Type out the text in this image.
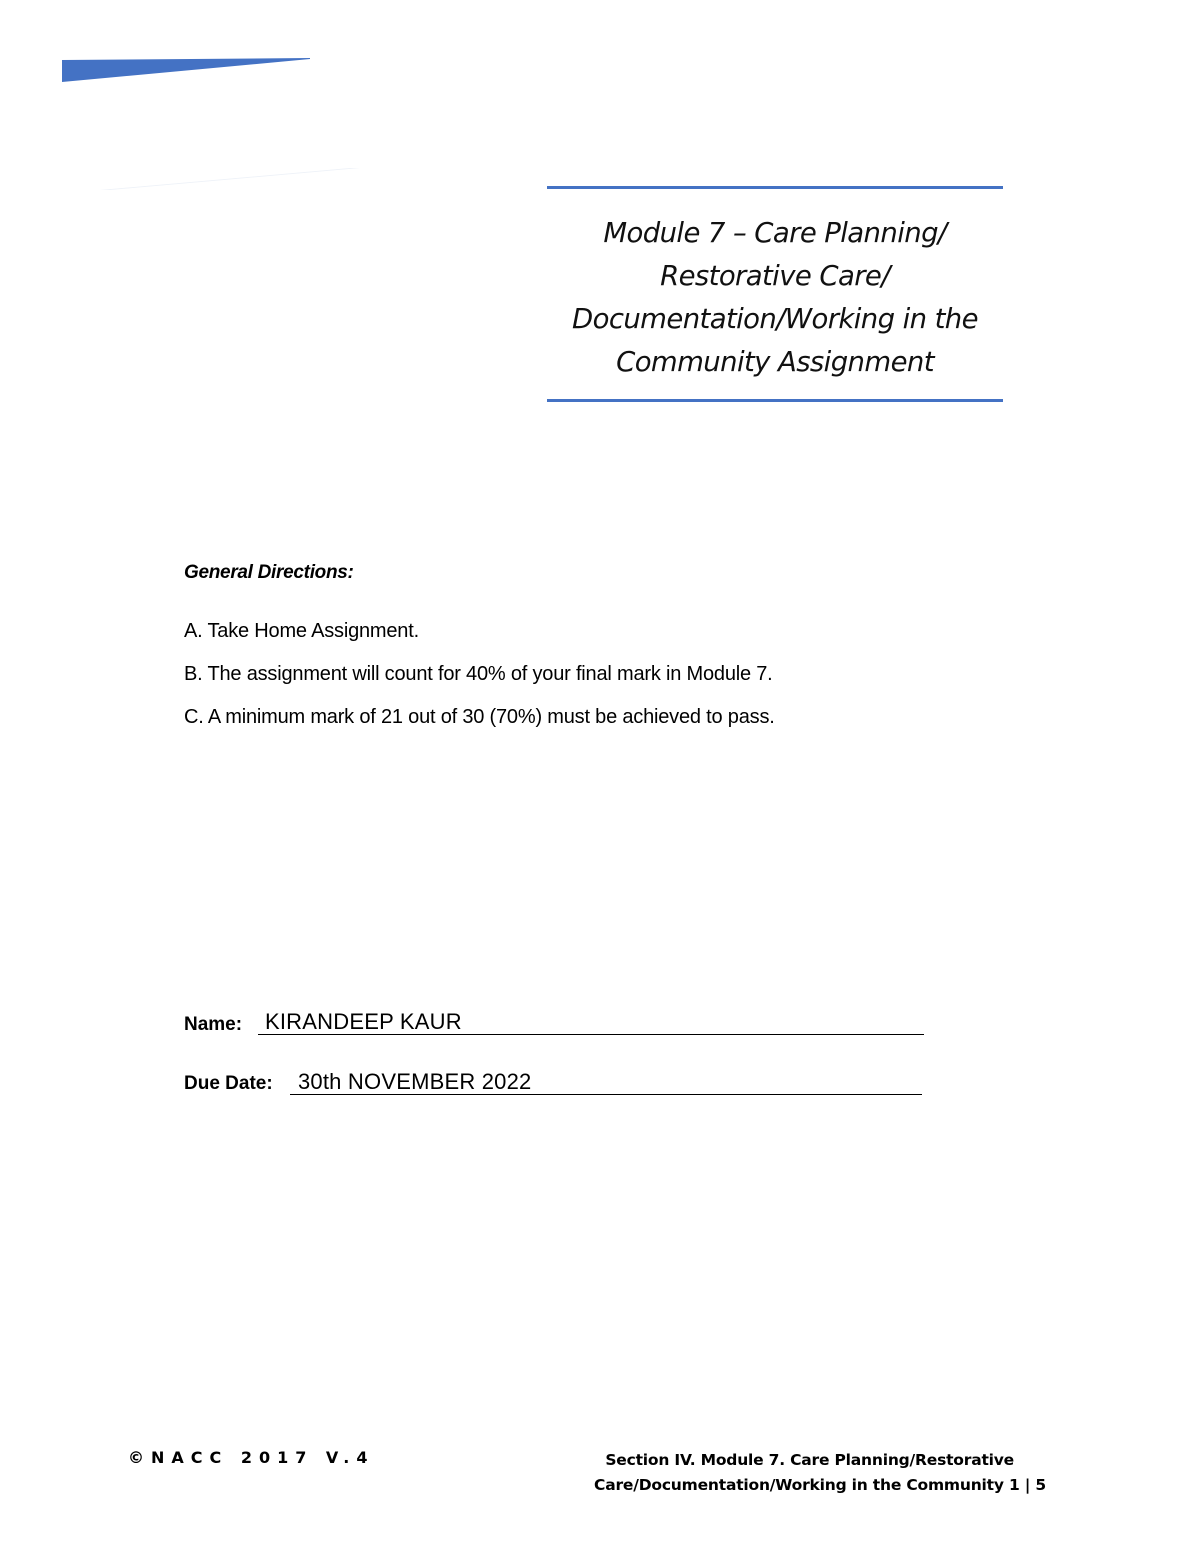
Module 7 – Care Planning/
Restorative Care/
Documentation/Working in the
Community Assignment
General Directions:
A. Take Home Assignment.
B. The assignment will count for 40% of your final mark in Module 7.
C. A minimum mark of 21 out of 30 (70%) must be achieved to pass.
Name: KIRANDEEP KAUR
Due Date: 30th NOVEMBER 2022
©NACC 2017 V.4	Section IV. Module 7. Care Planning/Restorative
Care/Documentation/Working in the Community 1 | 5
